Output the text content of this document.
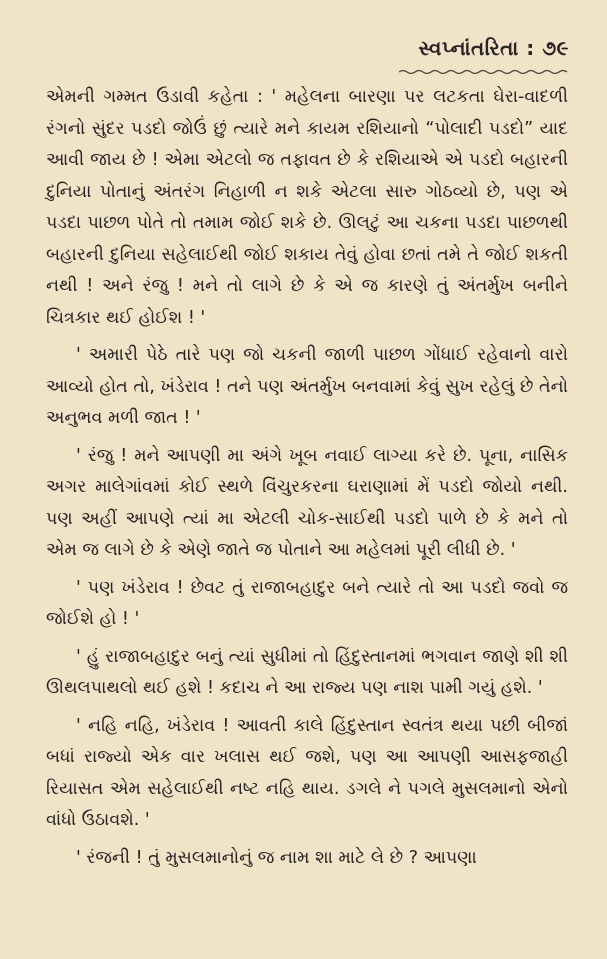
સ્વપ્નાંતરિતા : ૭૯

એમની ગમ્મત ઉડાવી કહેતા : ' મહેલના બારણા પર લટકતા ઘેરા-વાદળી રંગનો સુંદર પડદો જોઉં છું ત્યારે મને કાયમ રશિયાનો “પોલાદી પડદો” યાદ આવી જાય છે ! એમા એટલો જ તફાવત છે કે રશિયાએ એ પડદો બહારની દુનિયા પોતાનું અંતરંગ નિહાળી ન શકે એટલા સારુ ગોઠવ્યો છે, પણ એ પડદા પાછળ પોતે તો તમામ જોઈ શકે છે. ઊલટું આ ચકના પડદા પાછળથી બહારની દુનિયા સહેલાઈથી જોઈ શકાય તેવું હોવા છતાં તમે તે જોઈ શકતી નથી ! અને રંજુ ! મને તો લાગે છે કે એ જ કારણે તું અંતર્મુખ બનીને ચિત્રકાર થઈ હોઈશ ! '

' અમારી પેઠે તારે પણ જો ચકની જાળી પાછળ ગોંધાઈ રહેવાનો વારો આવ્યો હોત તો, ખંડેરાવ ! તને પણ અંતર્મુખ બનવામાં કેવું સુખ રહેલું છે તેનો અનુભવ મળી જાત ! '

' રંજુ ! મને આપણી મા અંગે ખૂબ નવાઈ લાગ્યા કરે છે. પૂના, નાસિક અગર માલેગાંવમાં કોઈ સ્થળે વિંચુરકરના ઘરાણામાં મેં પડદો જોયો નથી. પણ અહીં આપણે ત્યાં મા એટલી ચોક-સાઈથી પડદો પાળે છે કે મને તો એમ જ લાગે છે કે એણે જાતે જ પોતાને આ મહેલમાં પૂરી લીધી છે. '

' પણ ખંડેરાવ ! છેવટ તું રાજાબહાદુર બને ત્યારે તો આ પડદો જવો જ જોઈશે હો ! '

' હું રાજાબહાદુર બનું ત્યાં સુધીમાં તો હિંદુસ્તાનમાં ભગવાન જાણે શી શી ઊથલપાથલો થઈ હશે ! કદાચ ને આ રાજ્ય પણ નાશ પામી ગયું હશે. '

' નહિ નહિ, ખંડેરાવ ! આવતી કાલે હિંદુસ્તાન સ્વતંત્ર થયા પછી બીજાં બધાં રાજ્યો એક વાર ખલાસ થઈ જશે, પણ આ આપણી આસફજાહી રિયાસત એમ સહેલાઈથી નષ્ટ નહિ થાય. ડગલે ને પગલે મુસલમાનો એનો વાંધો ઉઠાવશે. '

' રંજની ! તું મુસલમાનોનું જ નામ શા માટે લે છે ? આપણા
